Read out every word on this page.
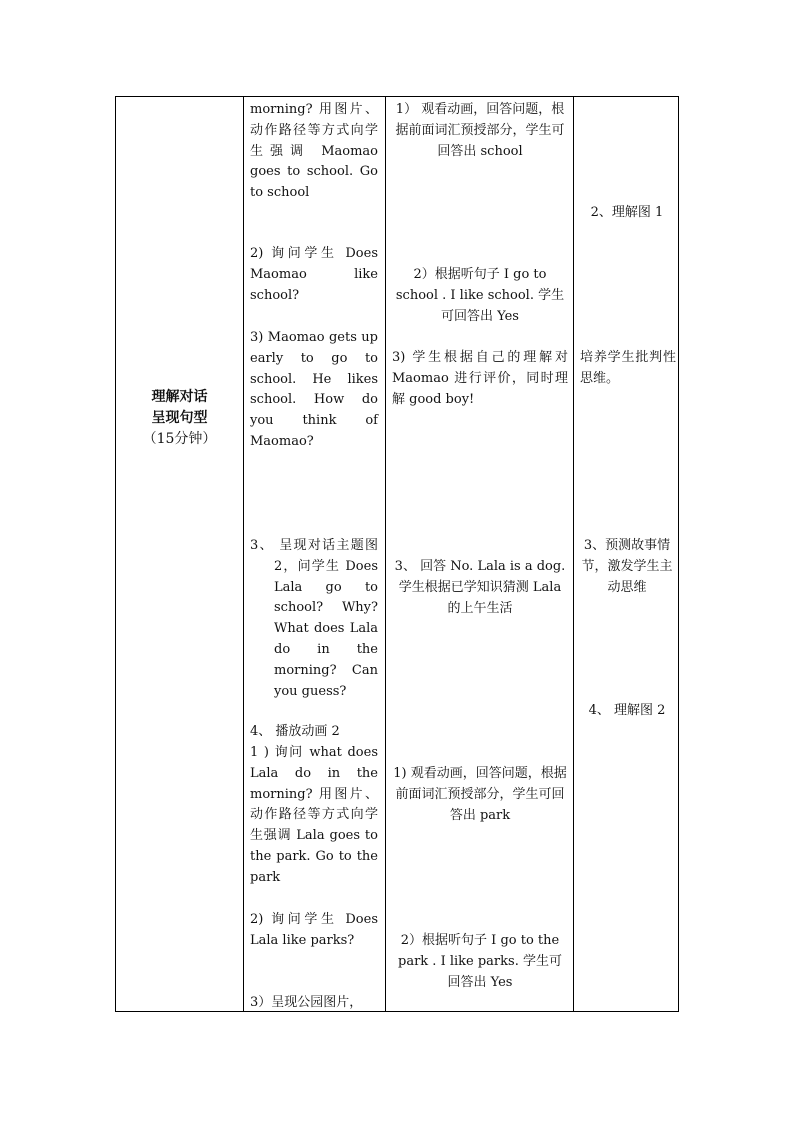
理解对话
呈现句型
（15分钟）
morning? 用图片、动作路径等方式向学生强调 Maomao goes to school. Go to school
2) 询问学生 Does Maomao like school?
3) Maomao gets up early to go to school. He likes school. How do you think of Maomao?
3、 呈现对话主题图 2，问学生 Does Lala go to school? Why? What does Lala do in the morning? Can you guess?
4、 播放动画 2
1 ) 询问 what does Lala do in the morning? 用图片、动作路径等方式向学生强调 Lala goes to the park. Go to the park
2) 询问学生 Does Lala like parks?
3）呈现公园图片，
1） 观看动画，回答问题，根据前面词汇预授部分，学生可回答出 school
2）根据听句子 I go to school . I like school. 学生可回答出 Yes
3) 学生根据自己的理解对 Maomao 进行评价，同时理解 good boy!
3、 回答 No. Lala is a dog. 学生根据已学知识猜测 Lala 的上午生活
1) 观看动画，回答问题，根据前面词汇预授部分，学生可回答出 park
2）根据听句子 I go to the park . I like parks. 学生可回答出 Yes
2、理解图 1
培养学生批判性思维。
3、预测故事情节，激发学生主动思维
4、 理解图 2
